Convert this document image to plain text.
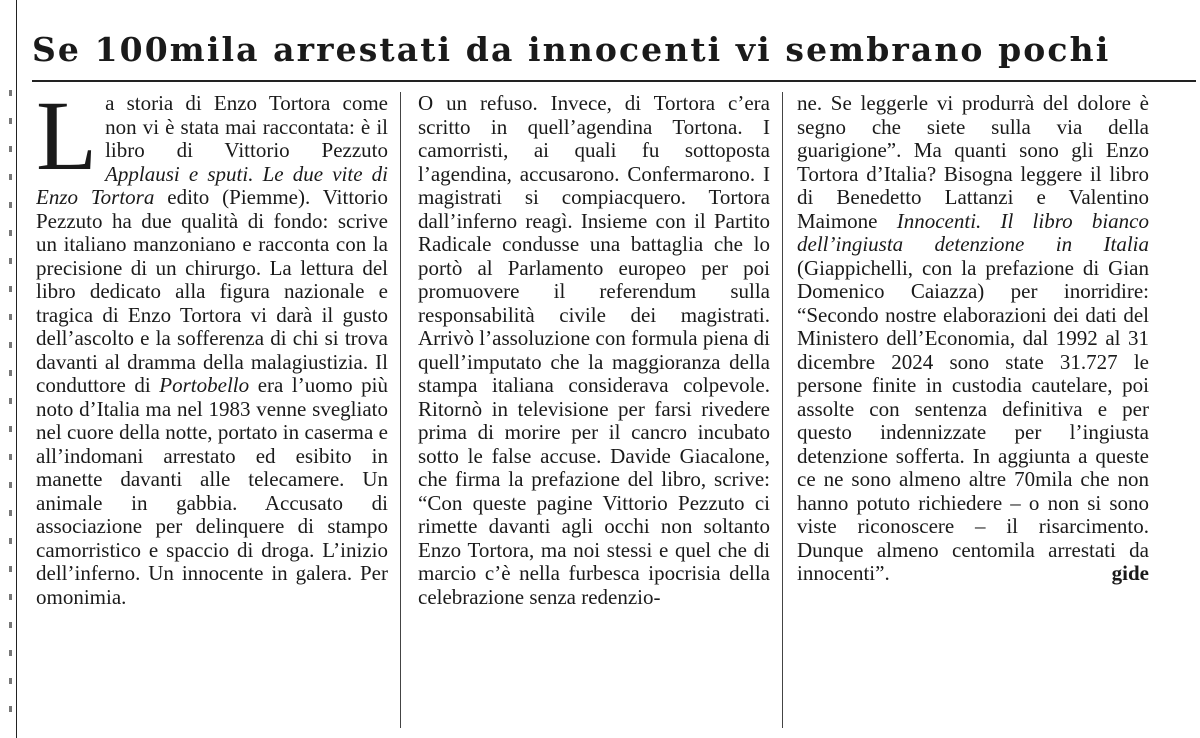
Se 100mila arrestati da innocenti vi sembrano pochi
La storia di Enzo Tortora come non vi è stata mai raccontata: è il libro di Vittorio Pezzuto Applausi e sputi. Le due vite di Enzo Tortora edito (Piemme). Vittorio Pezzuto ha due qualità di fondo: scrive un italiano manzoniano e racconta con la precisione di un chirurgo. La lettura del libro dedicato alla figura nazionale e tragica di Enzo Tortora vi darà il gusto dell’ascolto e la sofferenza di chi si trova davanti al dramma della malagiustizia. Il conduttore di Portobello era l’uomo più noto d’Italia ma nel 1983 venne svegliato nel cuore della notte, portato in caserma e all’indomani arrestato ed esibito in manette davanti alle telecamere. Un animale in gabbia. Accusato di associazione per delinquere di stampo camorristico e spaccio di droga. L’inizio dell’inferno. Un innocente in galera. Per omonimia.
O un refuso. Invece, di Tortora c’era scritto in quell’agendina Tortona. I camorristi, ai quali fu sottoposta l’agendina, accusarono. Confermarono. I magistrati si compiacquero. Tortora dall’inferno reagì. Insieme con il Partito Radicale condusse una battaglia che lo portò al Parlamento europeo per poi promuovere il referendum sulla responsabilità civile dei magistrati. Arrivò l’assoluzione con formula piena di quell’imputato che la maggioranza della stampa italiana considerava colpevole. Ritornò in televisione per farsi rivedere prima di morire per il cancro incubato sotto le false accuse. Davide Giacalone, che firma la prefazione del libro, scrive: “Con queste pagine Vittorio Pezzuto ci rimette davanti agli occhi non soltanto Enzo Tortora, ma noi stessi e quel che di marcio c’è nella furbesca ipocrisia della celebrazione senza redenzio-
ne. Se leggerle vi produrrà del dolore è segno che siete sulla via della guarigione”. Ma quanti sono gli Enzo Tortora d’Italia? Bisogna leggere il libro di Benedetto Lattanzi e Valentino Maimone Innocenti. Il libro bianco dell’ingiusta detenzione in Italia (Giappichelli, con la prefazione di Gian Domenico Caiazza) per inorridire: “Secondo nostre elaborazioni dei dati del Ministero dell’Economia, dal 1992 al 31 dicembre 2024 sono state 31.727 le persone finite in custodia cautelare, poi assolte con sentenza definitiva e per questo indennizzate per l’ingiusta detenzione sofferta. In aggiunta a queste ce ne sono almeno altre 70mila che non hanno potuto richiedere – o non si sono viste riconoscere – il risarcimento. Dunque almeno centomila arrestati da innocenti”.	gide
